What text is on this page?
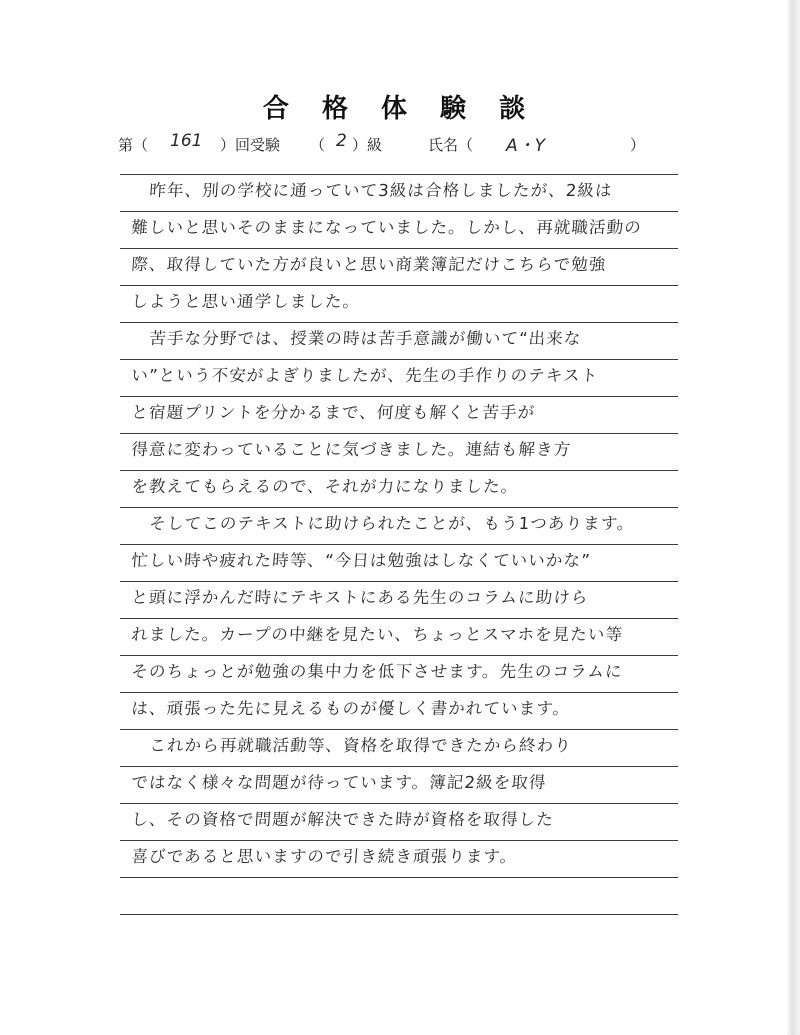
合 格 体 験 談
第（ 161 ）回受験 （ 2 ）級	氏名（ A・Y	）
昨年、別の学校に通っていて3級は合格しましたが、2級は
難しいと思いそのままになっていました。しかし、再就職活動の
際、取得していた方が良いと思い商業簿記だけこちらで勉強
しようと思い通学しました。
苦手な分野では、授業の時は苦手意識が働いて“出来な
い”という不安がよぎりましたが、先生の手作りのテキスト
と宿題プリントを分かるまで、何度も解くと苦手が
得意に変わっていることに気づきました。連結も解き方
を教えてもらえるので、それが力になりました。
そしてこのテキストに助けられたことが、もう1つあります。
忙しい時や疲れた時等、“今日は勉強はしなくていいかな”
と頭に浮かんだ時にテキストにある先生のコラムに助けら
れました。カープの中継を見たい、ちょっとスマホを見たい等
そのちょっとが勉強の集中力を低下させます。先生のコラムに
は、頑張った先に見えるものが優しく書かれています。
これから再就職活動等、資格を取得できたから終わり
ではなく様々な問題が待っています。簿記2級を取得
し、その資格で問題が解決できた時が資格を取得した
喜びであると思いますので引き続き頑張ります。
